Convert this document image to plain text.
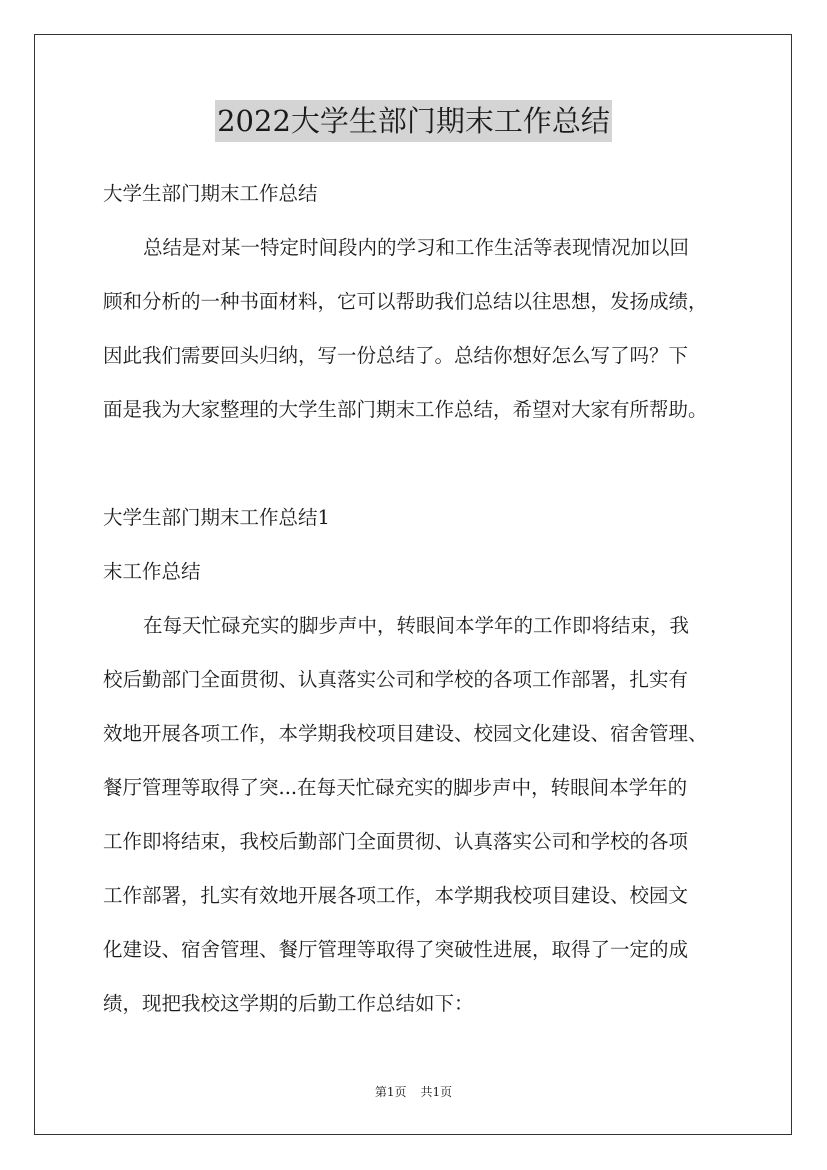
2022大学生部门期末工作总结

大学生部门期末工作总结

总结是对某一特定时间段内的学习和工作生活等表现情况加以回

顾和分析的一种书面材料，它可以帮助我们总结以往思想，发扬成绩，

因此我们需要回头归纳，写一份总结了。总结你想好怎么写了吗？下

面是我为大家整理的大学生部门期末工作总结，希望对大家有所帮助。

大学生部门期末工作总结1

末工作总结

在每天忙碌充实的脚步声中，转眼间本学年的工作即将结束，我

校后勤部门全面贯彻、认真落实公司和学校的各项工作部署，扎实有

效地开展各项工作，本学期我校项目建设、校园文化建设、宿舍管理、

餐厅管理等取得了突...在每天忙碌充实的脚步声中，转眼间本学年的

工作即将结束，我校后勤部门全面贯彻、认真落实公司和学校的各项

工作部署，扎实有效地开展各项工作，本学期我校项目建设、校园文

化建设、宿舍管理、餐厅管理等取得了突破性进展，取得了一定的成

绩，现把我校这学期的后勤工作总结如下：

第1页 共1页
